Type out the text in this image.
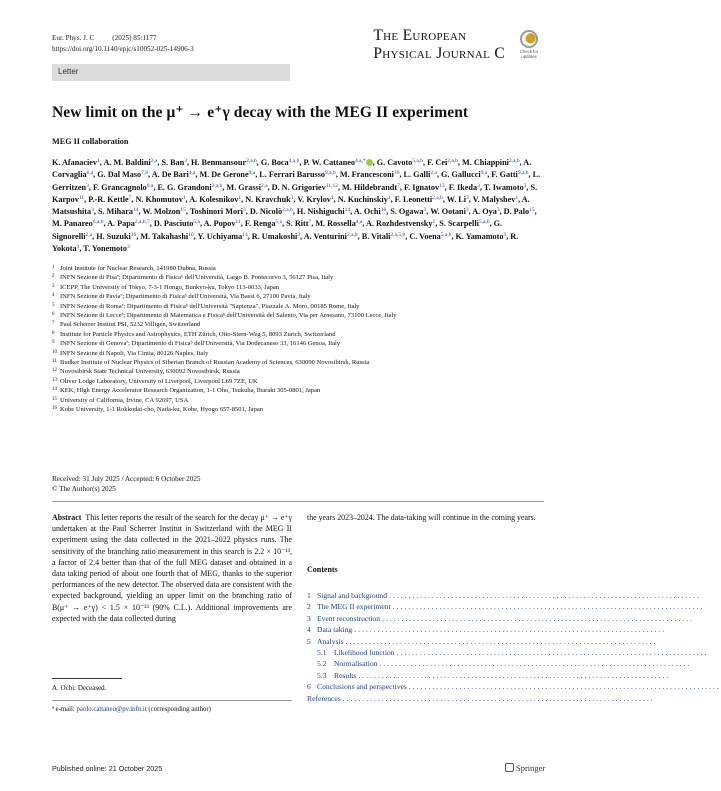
Eur. Phys. J. C          (2025) 85:1177
https://doi.org/10.1140/epjc/s10052-025-14906-3
The European
Physical Journal C
⬤
Check for
updates
Letter
New limit on the μ⁺ → e⁺γ decay with the MEG II experiment
MEG II collaboration
K. Afanaciev$^1$, A. M. Baldini$^{2,a}$, S. Ban$^3$, H. Benmansour$^{2,a,b}$, G. Boca$^{4,a,b}$, P. W. Cattaneo$^{4,a,*}$ , G. Cavoto$^{5,a,b}$, F. Cei$^{2,a,b}$, M. Chiappini$^{2,a,b}$, A. Corvaglia$^{6,a}$, G. Dal Maso$^{7,8}$, A. De Bari$^{4,a}$, M. De Gerone$^{9,a}$, L. Ferrari Barusso$^{9,a,b}$, M. Francesconi$^{10}$, L. Galli$^{2,a}$, G. Gallucci$^{9,a}$, F. Gatti$^{9,a,b}$, L. Gerritzen$^3$, F. Grancagnolo$^{6,a}$, E. G. Grandoni$^{2,a,b}$, M. Grassi$^{2,a}$, D. N. Grigoriev$^{11,12}$, M. Hildebrandt$^7$, F. Ignatov$^{13}$, F. Ikeda$^3$, T. Iwamoto$^3$, S. Karpov$^{11}$, P.-R. Kettle$^7$, N. Khomutov$^1$, A. Kolesnikov$^1$, N. Kravchuk$^1$, V. Krylov$^1$, N. Kuchinskiy$^1$, F. Leonetti$^{2,a,b}$, W. Li$^3$, V. Malyshev$^1$, A. Matsushita$^3$, S. Mihara$^{14}$, W. Molzon$^{15}$, Toshinori Mori$^3$, D. Nicolò$^{2,a,b}$, H. Nishiguchi$^{14}$, A. Ochi$^{16}$, S. Ogawa$^3$, W. Ootani$^3$, A. Oya$^3$, D. Palo$^{15}$, M. Panareo$^{6,a,b}$, A. Papa$^{2,a,b,7}$, D. Pasciuto$^{5,a}$, A. Popov$^{11}$, F. Renga$^{5,a}$, S. Ritt$^7$, M. Rossella$^{4,a}$, A. Rozhdestvensky$^1$, S. Scarpelli$^{5,a,b}$, G. Signorelli$^{2,a}$, H. Suzuki$^{16}$, M. Takahashi$^{16}$, Y. Uchiyama$^{14}$, R. Umakoshi$^3$, A. Venturini$^{2,a,b}$, B. Vitali$^{2,a,5,b}$, C. Voena$^{5,a,b}$, K. Yamamoto$^3$, R. Yokota$^3$, T. Yonemoto$^3$
1 Joint Institute for Nuclear Research, 141980 Dubna, Russia
2 INFN Sezione di Pisaª; Dipartimento di Fisicaᵇ dell'Università, Largo B. Pontecorvo 3, 56127 Pisa, Italy
3 ICEPP, The University of Tokyo, 7-3-1 Hongo, Bunkyo-ku, Tokyo 113-0033, Japan
4 INFN Sezione di Paviaª; Dipartimento di Fisicaᵇ dell'Università, Via Bassi 6, 27100 Pavia, Italy
5 INFN Sezione di Romaª; Dipartimento di Fisicaᵇ dell'Università "Sapienza", Piazzale A. Moro, 00185 Rome, Italy
6 INFN Sezione di Lecceª; Dipartimento di Matematica e Fisicaᵇ dell'Università del Salento, Via per Arnesano, 73100 Lecce, Italy
7 Paul Scherrer Institut PSI, 5232 Villigen, Switzerland
8 Institute for Particle Physics and Astrophysics, ETH Zürich, Otto-Stern-Weg 5, 8093 Zurich, Switzerland
9 INFN Sezione di Genovaª; Dipartimento di Fisicaᵇ dell'Università, Via Dodecaneso 33, 16146 Genoa, Italy
10 INFN Sezione di Napoli, Via Cintia, 80126 Naples, Italy
11 Budker Institute of Nuclear Physics of Siberian Branch of Russian Academy of Sciences, 630090 Novosibirsk, Russia
12 Novosibirsk State Technical University, 630092 Novosibirsk, Russia
13 Oliver Lodge Laboratory, University of Liverpool, Liverpool L69 7ZE, UK
14 KEK, High Energy Accelerator Research Organization, 1-1 Oho, Tsukuba, Ibaraki 305-0801, Japan
15 University of California, Irvine, CA 92697, USA
16 Kobe University, 1-1 Rokkodai-cho, Nada-ku, Kobe, Hyogo 657-8501, Japan
Received: 31 July 2025 / Accepted: 6 October 2025
© The Author(s) 2025
Abstract This letter reports the result of the search for the decay μ⁺ → e⁺γ undertaken at the Paul Scherrer Institut in Switzerland with the MEG II experiment using the data collected in the 2021–2022 physics runs. The sensitivity of the branching ratio measurement in this search is 2.2 × 10⁻¹³, a factor of 2.4 better than that of the full MEG dataset and obtained in a data taking period of about one fourth that of MEG, thanks to the superior performances of the new detector. The observed data are consistent with the expected background, yielding an upper limit on the branching ratio of B(μ⁺ → e⁺γ) < 1.5 × 10⁻¹³ (90% C.L.). Additional improvements are expected with the data collected during
the years 2023–2024. The data-taking will continue in the coming years.
Contents
1 Signal and background ................................................................................
2 The MEG II experiment ................................................................................
3 Event reconstruction ................................................................................
4 Data taking ................................................................................
5 Analysis ................................................................................
5.1 Likelihood function ................................................................................
5.2 Normalisation ................................................................................
5.3 Results ................................................................................
6 Conclusions and perspectives ................................................................................
References ................................................................................
A. Ochi: Deceased.
ª e-mail: paolo.cattaneo@pv.infn.it (corresponding author)
Published online: 21 October 2025	Springer
